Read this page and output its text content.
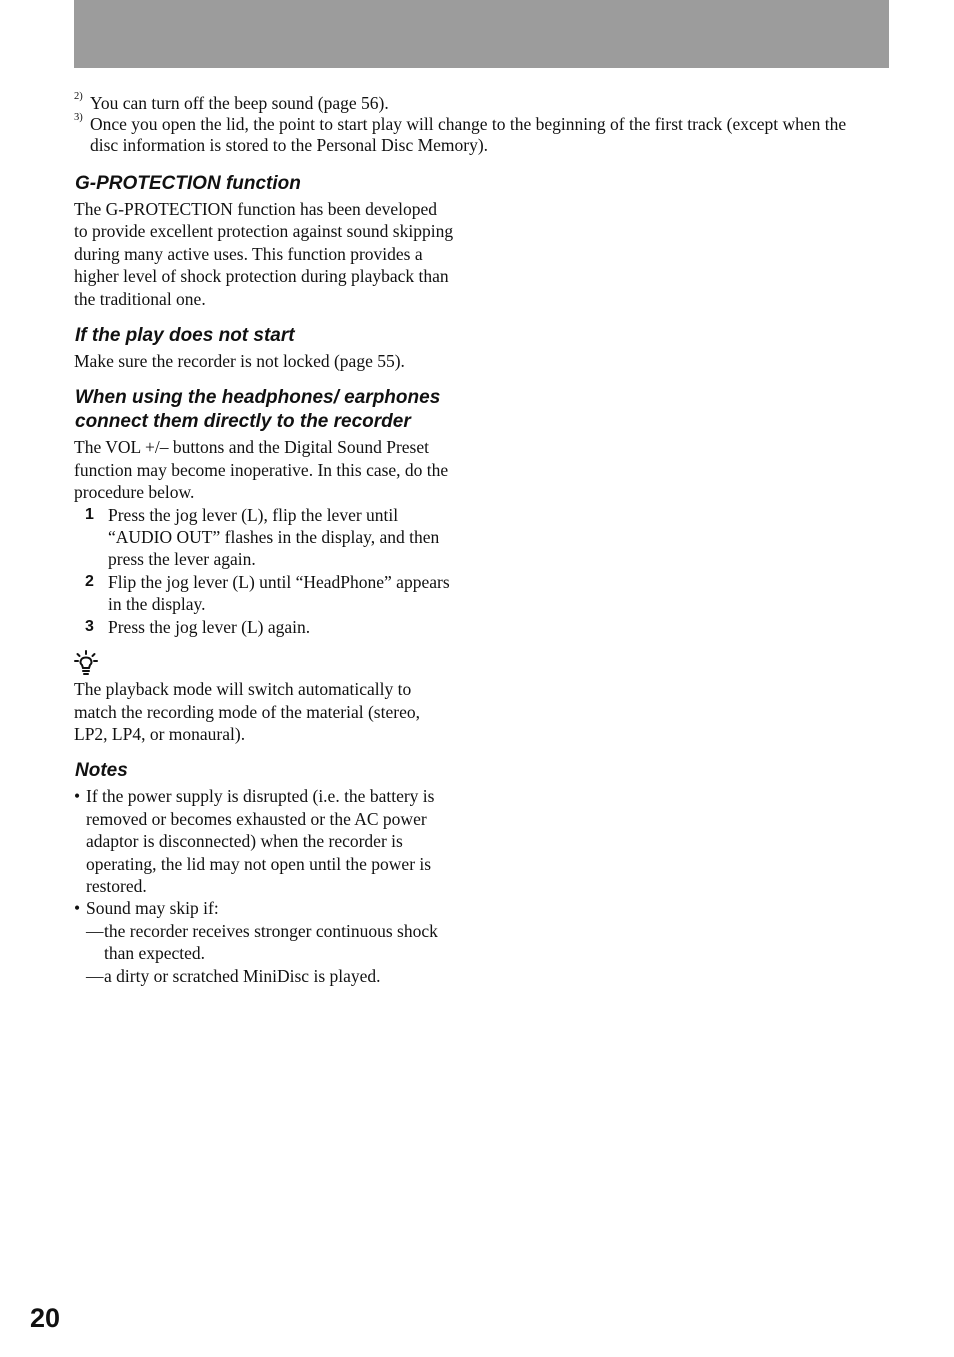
2) You can turn off the beep sound (page 56).
3) Once you open the lid, the point to start play will change to the beginning of the first track (except when the disc information is stored to the Personal Disc Memory).
G-PROTECTION function

The G-PROTECTION function has been developed to provide excellent protection against sound skipping during many active uses. This function provides a higher level of shock protection during playback than the traditional one.

If the play does not start

Make sure the recorder is not locked (page 55).

When using the headphones/ earphones connect them directly to the recorder

The VOL +/– buttons and the Digital Sound Preset function may become inoperative. In this case, do the procedure below.

1 Press the jog lever (L), flip the lever until “AUDIO OUT” flashes in the display, and then press the lever again.
2 Flip the jog lever (L) until “HeadPhone” appears in the display.
3 Press the jog lever (L) again.

The playback mode will switch automatically to match the recording mode of the material (stereo, LP2, LP4, or monaural).

Notes
• If the power supply is disrupted (i.e. the battery is removed or becomes exhausted or the AC power adaptor is disconnected) when the recorder is operating, the lid may not open until the power is restored.
• Sound may skip if:
— the recorder receives stronger continuous shock than expected.
— a dirty or scratched MiniDisc is played.
20
